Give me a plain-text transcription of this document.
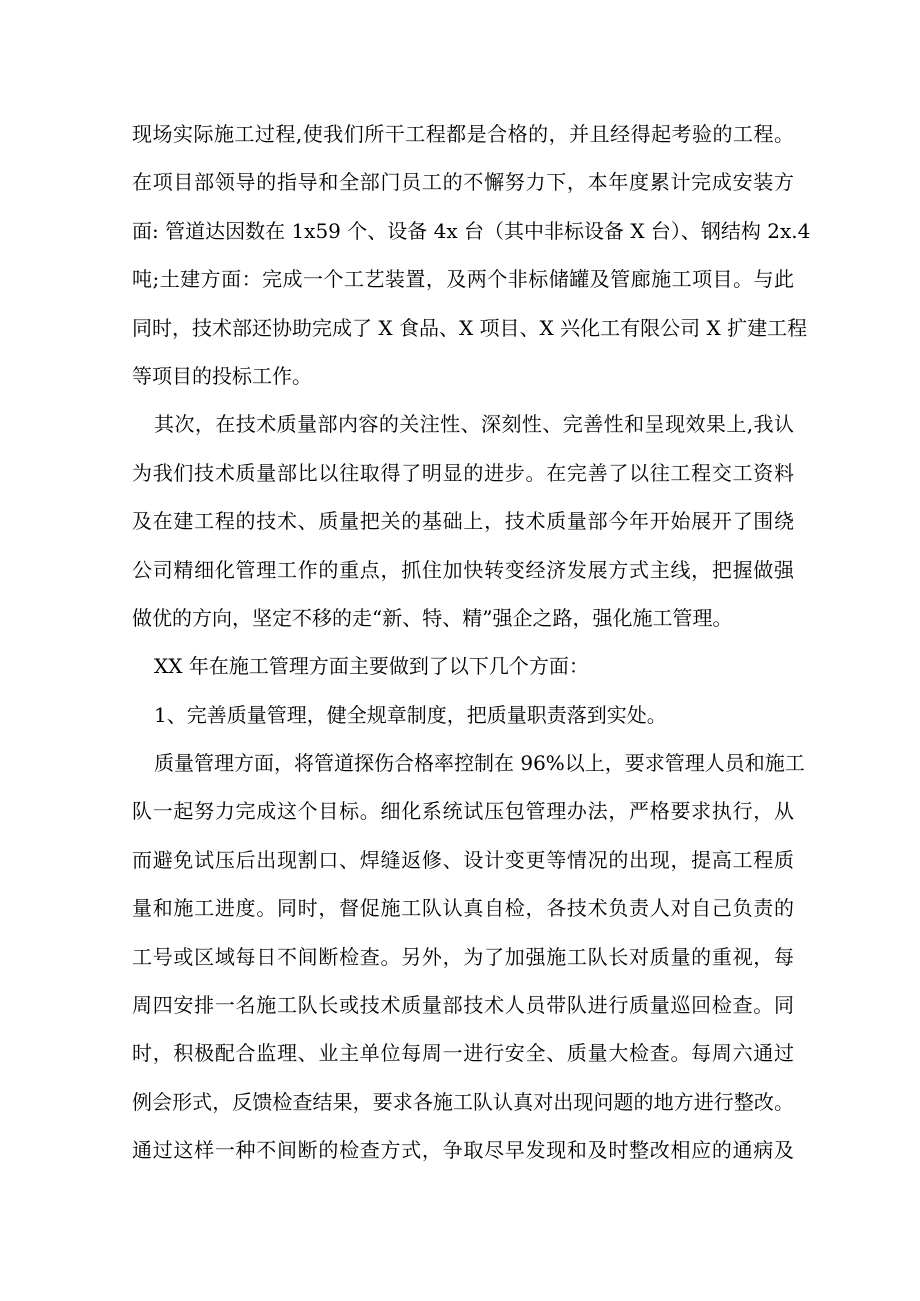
现场实际施工过程,使我们所干工程都是合格的，并且经得起考验的工程。
在项目部领导的指导和全部门员工的不懈努力下，本年度累计完成安装方
面: 管道达因数在 1x59 个、设备 4x 台（其中非标设备 X 台）、钢结构 2x.4
吨;土建方面：完成一个工艺装置，及两个非标储罐及管廊施工项目。与此
同时，技术部还协助完成了 X 食品、X 项目、X 兴化工有限公司 X 扩建工程
等项目的投标工作。

其次，在技术质量部内容的关注性、深刻性、完善性和呈现效果上,我认
为我们技术质量部比以往取得了明显的进步。在完善了以往工程交工资料
及在建工程的技术、质量把关的基础上，技术质量部今年开始展开了围绕
公司精细化管理工作的重点，抓住加快转变经济发展方式主线，把握做强
做优的方向，坚定不移的走“新、特、精”强企之路，强化施工管理。

XX 年在施工管理方面主要做到了以下几个方面：

1、完善质量管理，健全规章制度，把质量职责落到实处。

质量管理方面，将管道探伤合格率控制在 96%以上，要求管理人员和施工
队一起努力完成这个目标。细化系统试压包管理办法，严格要求执行，从
而避免试压后出现割口、焊缝返修、设计变更等情况的出现，提高工程质
量和施工进度。同时，督促施工队认真自检，各技术负责人对自己负责的
工号或区域每日不间断检查。另外，为了加强施工队长对质量的重视，每
周四安排一名施工队长或技术质量部技术人员带队进行质量巡回检查。同
时，积极配合监理、业主单位每周一进行安全、质量大检查。每周六通过
例会形式，反馈检查结果，要求各施工队认真对出现问题的地方进行整改。
通过这样一种不间断的检查方式，争取尽早发现和及时整改相应的通病及
